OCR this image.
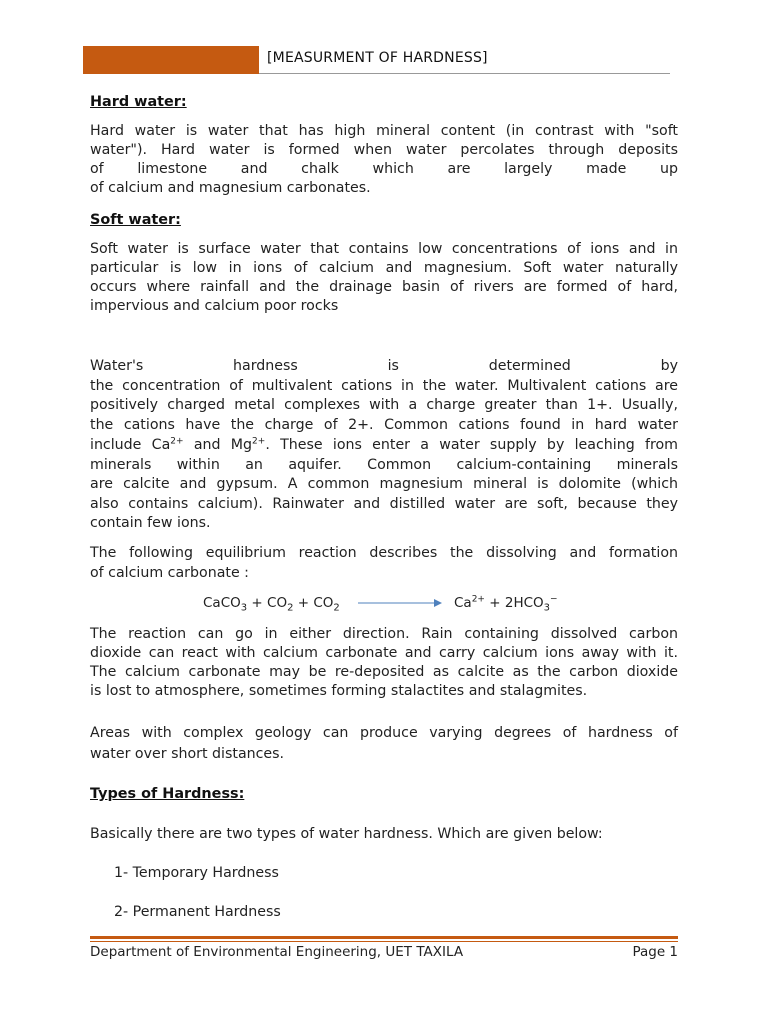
[MEASURMENT OF HARDNESS]
Hard water:

Hard water is water that has high mineral content (in contrast with "soft

water"). Hard water is formed when water percolates through deposits

of limestone and chalk which are largely made up

of calcium and magnesium carbonates.

Soft water:

Soft water is surface water that contains low concentrations of ions and in

particular is low in ions of calcium and magnesium. Soft water naturally

occurs where rainfall and the drainage basin of rivers are formed of hard,

impervious and calcium poor rocks

Water's hardness is determined by

the concentration of multivalent cations in the water. Multivalent cations are

positively charged metal complexes with a charge greater than 1+. Usually,

the cations have the charge of 2+. Common cations found in hard water

include $Ca^{2+}$ and $Mg^{2+}$. These ions enter a water supply by leaching from

minerals within an aquifer. Common calcium-containing minerals

are calcite and gypsum. A common magnesium mineral is dolomite (which

also contains calcium). Rainwater and distilled water are soft, because they

contain few ions.

The following equilibrium reaction describes the dissolving and formation

of calcium carbonate :

CaCO$_3$ + $CO_2 + CO_2$	$Ca^{2+} + 2HCO_3^-$

The reaction can go in either direction. Rain containing dissolved carbon

dioxide can react with calcium carbonate and carry calcium ions away with it.

The calcium carbonate may be re-deposited as calcite as the carbon dioxide

is lost to atmosphere, sometimes forming stalactites and stalagmites.

Areas with complex geology can produce varying degrees of hardness of

water over short distances.

Types of Hardness:

Basically there are two types of water hardness. Which are given below:

1- Temporary Hardness
2- Permanent Hardness
Department of Environmental Engineering, UET TAXILA	Page 1
